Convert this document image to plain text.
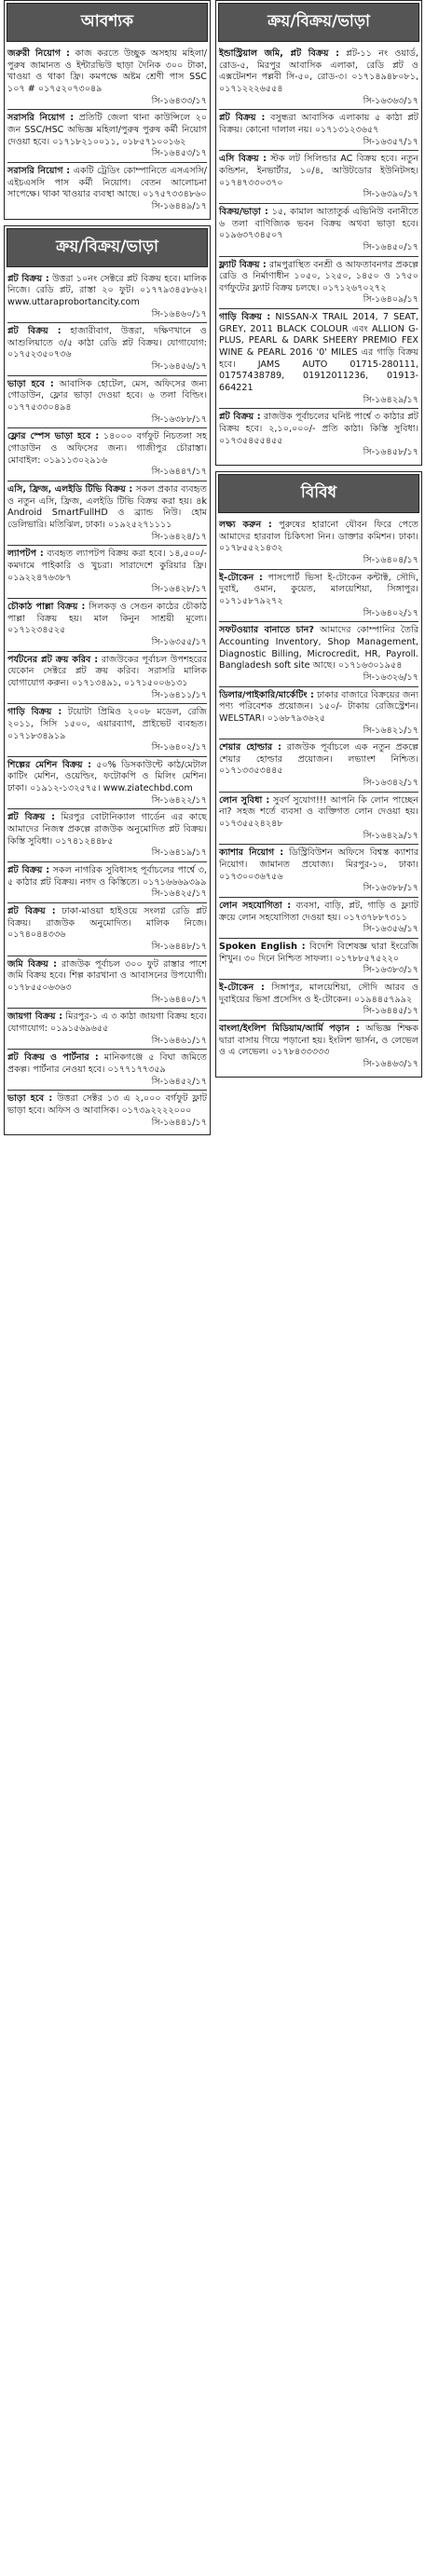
আবশ্যক
জরুরী নিয়োগ : কাজ করতে উচ্ছুক অসহায় মহিলা/পুরুষ জামানত ও ইন্টারভিউ ছাড়া দৈনিক ৩০০ টাকা, খাওয়া ও থাকা ফ্রি। কমপক্ষে অষ্টম শ্রেণী পাস SSC ১০৭ # ০১৭৫২০৭৩০৪৯
সি-১৬৪৩৩/১৭
সরাসরি নিয়োগ : প্রতিটি জেলা থানা কাউন্সিলে ২০ জন SSC/HSC অভিজ্ঞ মহিলা/পুরুষ পুরুষ কর্মী নিয়োগ দেওয়া হবে। ০১৭১৮২১০০১১, ০১৮৫৭১০০১৬২
সি-১৬৪৫৩/১৭
সরাসরি নিয়োগ : একটি ট্রেডিং কোম্পানিতে এসএসসি/এইচএসসি পাস কর্মী নিয়োগ। বেতন আলোচনা সাপেক্ষে। থাকা খাওয়ার ব্যবস্থা আছে। ০১৭৫৭৩৩৪৮৬০
সি-১৬৪৪৯/১৭
ক্রয়/বিক্রয়/ভাড়া
প্লট বিক্রয় : উত্তরা ১০নং সেক্টরে প্লট বিক্রয় হবে। মালিক নিজে। রেডি প্লট, রাস্তা ২০ ফুট। ০১৭৭৯৩৪৫৮৬২। www.uttaraprobortancity.com
সি-১৬৪৬০/১৭
প্লট বিক্রয় : হাজারীবাগ, উত্তরা, দক্ষিণখানে ও আশুলিয়াতে ৩/৫ কাঠা রেডি প্লট বিক্রয়। যোগাযোগ: ০১৭৫২৩৫০৭৩৬
সি-১৬৪৫৬/১৭
ভাড়া হবে : আবাসিক হোটেল, মেস, অফিসের জন্য গোডাউন, ফ্লোর ভাড়া দেওয়া হবে। ৬ তলা বিল্ডিং। ০১৭৭৫৩৩০৪৯৪
সি-১৬৩৮৮/১৭
ফ্লোর স্পেস ভাড়া হবে : ১৪০০০ বর্গফুট নিচতলা সহ গোডাউন ও অফিসের জন্য। গাজীপুর চৌরাস্তা। মোবাইল: ০১৯১১৩০২৯১৬
সি-১৬৪৪৭/১৭
এসি, ফ্রিজ, এলইডি টিভি বিক্রয় : সকল প্রকার ব্যবহৃত ও নতুন এসি, ফ্রিজ, এলইডি টিভি বিক্রয় করা হয়। ৪k Android SmartFullHD ও ব্র্যান্ড নিউ। হোম ডেলিভারি। মতিঝিল, ঢাকা। ০১৯২৫২৭১১১১
সি-১৬৪২৪/১৭
ল্যাপটপ : ব্যবহৃত ল্যাপটপ বিক্রয় করা হবে। ১৪,৫০০/- কমদামে পাইকারি ও খুচরা। সারাদেশে কুরিয়ার ফ্রি। ০১৯২২৪৭৬৩৮৭
সি-১৬৪২৮/১৭
চৌকাঠ পাল্লা বিক্রয় : সিলকড় ও সেগুন কাঠের চৌকাঠ পাল্লা বিক্রয় হয়। মাল কিনুন সাশ্রয়ী মূল্যে। ০১৭১২৩৪৫২৫
সি-১৬৩৫৫/১৭
পর্যটনের প্লট ক্রয় করিব : রাজউকের পূর্বাচল উপশহরের যেকোন সেক্টরে প্লট ক্রয় করিব। সরাসরি মালিক যোগাযোগ করুন। ০১৭১৩৪৯১, ০১৭১৫০০৬১৩১
সি-১৬৪১১/১৭
গাড়ি বিক্রয় : টয়োটা প্রিমিও ২০০৮ মডেল, রেজি ২০১১, সিসি ১৫০০, এয়ারব্যাগ, প্রাইভেট ব্যবহৃত। ০১৭১৮৩৪৯১৯
সি-১৬৪০২/১৭
শিল্পের মেশিন বিক্রয় : ৫০% ডিসকাউন্টে কাঠ/মেটাল কাটিং মেশিন, ওয়েল্ডিং, ফটোকপি ও মিলিং মেশিন। ঢাকা। ০১৯১২-১৩২৫৭৫। www.ziatechbd.com
সি-১৬৪২২/১৭
প্লট বিক্রয় : মিরপুর বোটানিক্যাল গার্ডেন এর কাছে আমাদের নিজস্ব প্রকল্পে রাজউক অনুমোদিত প্লট বিক্রয়। কিস্তি সুবিধা। ০১৭৪১২৪৪৮৫
সি-১৬৪১৯/১৭
প্লট বিক্রয় : সকল নাগরিক সুবিধাসহ পূর্বাচলের পার্শ্বে ৩, ৫ কাঠার প্লট বিক্রয়। নগদ ও কিস্তিতে। ০১৭১৬৬৬৯৩৯৯
সি-১৬৪২৫/১৭
প্লট বিক্রয় : ঢাকা-মাওয়া হাইওয়ে সংলগ্ন রেডি প্লট বিক্রয়। রাজউক অনুমোদিত। মালিক নিজে। ০১৭৪০৪৪৩৩৬
সি-১৬৪৪৮/১৭
জমি বিক্রয় : রাজউক পূর্বাচল ৩০০ ফুট রাস্তার পাশে জমি বিক্রয় হবে। শিল্প কারখানা ও আবাসনের উপযোগী। ০১৭৮৫৫০৬৩৬৩
সি-১৬৪৪০/১৭
জায়গা বিক্রয় : মিরপুর-১ এ ৩ কাঠা জায়গা বিক্রয় হবে। যোগাযোগ: ০১৯১৫৬৯৬৫৫
সি-১৬৪৬১/১৭
প্লট বিক্রয় ও পার্টনার : মানিকগঞ্জে ৫ বিঘা জমিতে প্রকল্প। পার্টনার নেওয়া হবে। ০১৭৭১৭৭৩৫৯
সি-১৬৪৫২/১৭
ভাড়া হবে : উত্তরা সেক্টর ১৩ এ ২,০০০ বর্গফুট ফ্লাট ভাড়া হবে। অফিস ও আবাসিক। ০১৭৩৯২২২২০০০
সি-১৬৪৪১/১৭
ক্রয়/বিক্রয়/ভাড়া
ইন্ডাস্ট্রিয়াল জমি, প্লট বিক্রয় : প্লট-১১ নং ওয়ার্ড, রোড-৫, মিরপুর আবাসিক এলাকা, রেডি প্লট ও এক্সটেনশন পল্লবী সি-৫০, রোড-৩। ০১৭১৪৯৪৮০৮১, ০১৭১২২২৬৫৫৪
সি-১৬৩৬৩/১৭
প্লট বিক্রয় : বসুন্ধরা আবাসিক এলাকায় ৫ কাঠা প্লট বিক্রয়। কোনো দালাল নয়। ০১৭১৩১২৩৬৫৭
সি-১৬৩৫৭/১৭
এসি বিক্রয় : স্টক লট সিলিন্ডার AC বিক্রয় হবে। নতুন কন্ডিশন, ইনভার্টার, ১০/৪, আউটডোর ইউনিটসহ। ০১৭৪৭৩৩০৩৭০
সি-১৬৩৯০/১৭
বিক্রয়/ভাড়া : ১৫, কামাল আতাতুর্ক এভিনিউ বনানীতে ৬ তলা বাণিজ্যিক ভবন বিক্রয় অথবা ভাড়া হবে। ০১৯৬৩৭৩৪৫০৭
সি-১৬৪৫০/১৭
ফ্ল্যাট বিক্রয় : রামপুরাস্থিত বনশ্রী ও আফতাবনগর প্রকল্পে রেডি ও নির্মাণাধীন ১০৫০, ১২৫০, ১৪৫০ ও ১৭৫০ বর্গফুটের ফ্ল্যাট বিক্রয় চলছে। ০১৭১২৬৭০২৭২
সি-১৬৪০৯/১৭
গাড়ি বিক্রয় : NISSAN-X TRAIL 2014, 7 SEAT, GREY, 2011 BLACK COLOUR এবং ALLION G-PLUS, PEARL & DARK SHEERY PREMIO FEX WINE & PEARL 2016 '0' MILES এর গাড়ি বিক্রয় হবে। JAMS AUTO 01715-280111, 01757438789, 01912011236, 01913-664221
সি-১৬৪২৯/১৭
প্লট বিক্রয় : রাজউক পূর্বাচলের ঘনিষ্ট পার্শ্বে ৩ কাঠার প্লট বিক্রয় হবে। ২,১০,০০০/- প্রতি কাঠা। কিস্তি সুবিধা। ০১৭৩৫৪৫৫৪৫৫
সি-১৬৪৫৮/১৭
বিবিধ
লক্ষ্য করুন : পুরুষের হারানো যৌবন ফিরে পেতে আমাদের হারবাল চিকিৎসা নিন। ডাক্তার কমিশন। ঢাকা। ০১৭৮৫৫২১৪৩২
সি-১৬৪০৪/১৭
ই-টোকেন : পাসপোর্ট ভিসা ই-টোকেন কন্টাক্ট, সৌদি, দুবাই, ওমান, কুয়েত, মালয়েশিয়া, সিঙ্গাপুর। ০১৭১৫৮৭৯২৭২
সি-১৬৪০২/১৭
সফটওয়্যার বানাতে চান? আমাদের কোম্পানির তৈরি Accounting Inventory, Shop Management, Diagnostic Billing, Microcredit, HR, Payroll. Bangladesh soft site আছে। ০১৭১৬৩০১৯৫৪
সি-১৬৩২৬/১৭
ডিলার/পাইকারি/মার্কেটিং : ঢাকার বাজারে বিক্রয়ের জন্য পণ্য পরিবেশক প্রয়োজন। ১৫০/- টাকায় রেজিস্ট্রেশন। WELSTAR। ০১৬৮৭৯৩৬২৫
সি-১৬৪২১/১৭
শেয়ার হোল্ডার : রাজউক পূর্বাচলে এক নতুন প্রকল্পে শেয়ার হোল্ডার প্রয়োজন। লভ্যাংশ নিশ্চিত। ০১৭১৩৩৫৩৪৪৫
সি-১৬৩৪২/১৭
লোন সুবিধা : সুবর্ণ সুযোগ!!! আপনি কি লোন পাচ্ছেন না? সহজ শর্তে ব্যবসা ও ব্যক্তিগত লোন দেওয়া হয়। ০১৭৩৫৫২৪২৪৮
সি-১৬৪২৯/১৭
ক্যাশার নিয়োগ : ডিস্ট্রিবিউশন অফিসে বিশ্বস্ত ক্যাশার নিয়োগ। জামানত প্রযোজ্য। মিরপুর-১০, ঢাকা। ০১৭৩০০৩৬৭৫৬
সি-১৬৩৮৮/১৭
লোন সহযোগিতা : ব্যবসা, বাড়ি, প্লট, গাড়ি ও ফ্ল্যাট ক্রয়ে লোন সহযোগিতা দেওয়া হয়। ০১৭৩৭৮৮৭৩১১
সি-১৬৩৫৬/১৭
Spoken English : বিদেশি বিশেষজ্ঞ দ্বারা ইংরেজি শিখুন। ৩০ দিনে নিশ্চিত সাফল্য। ০১৭৮৮৫৭৫২২০
সি-১৬৩৮৩/১৭
ই-টোকেন : সিঙ্গাপুর, মালয়েশিয়া, সৌদি আরব ও দুবাইয়ের ভিসা প্রসেসিং ও ই-টোকেন। ০১৯৪৪৫৭৯৯২
সি-১৬৪৪৫/১৭
বাংলা/ইংলিশ মিডিয়াম/আর্মি পড়ান : অভিজ্ঞ শিক্ষক দ্বারা বাসায় গিয়ে পড়ানো হয়। ইংলিশ ভার্সন, ও লেভেল ও এ লেভেল। ০১৭৮৪৩৩৩৩৩
সি-১৬৪৬৩/১৭
